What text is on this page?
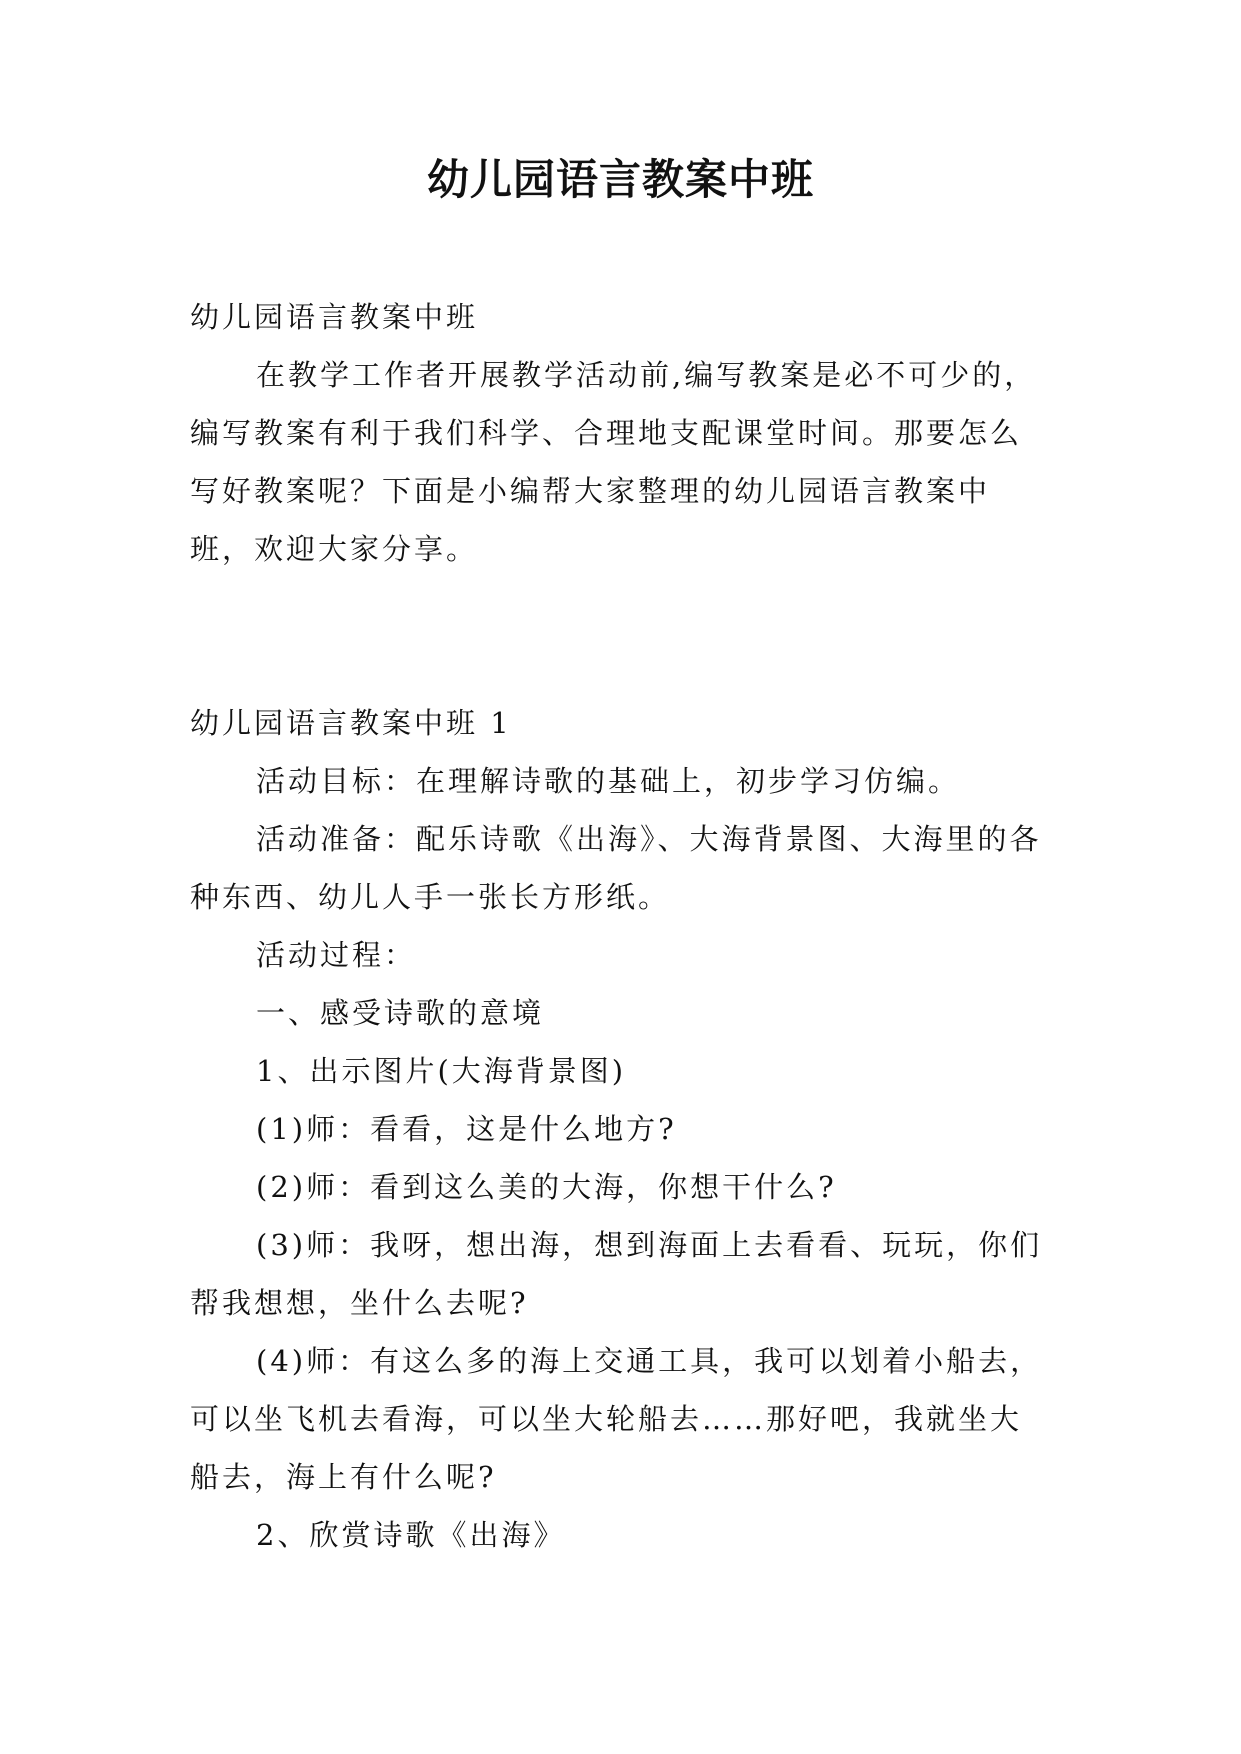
幼儿园语言教案中班

幼儿园语言教案中班

在教学工作者开展教学活动前,编写教案是必不可少的，编写教案有利于我们科学、合理地支配课堂时间。那要怎么写好教案呢？下面是小编帮大家整理的幼儿园语言教案中班，欢迎大家分享。

幼儿园语言教案中班 1

活动目标：在理解诗歌的基础上，初步学习仿编。

活动准备：配乐诗歌《出海》、大海背景图、大海里的各种东西、幼儿人手一张长方形纸。

活动过程：

一、感受诗歌的意境

1、出示图片(大海背景图)

(1)师：看看，这是什么地方?

(2)师：看到这么美的大海，你想干什么?

(3)师：我呀，想出海，想到海面上去看看、玩玩，你们帮我想想，坐什么去呢?

(4)师：有这么多的海上交通工具，我可以划着小船去，可以坐飞机去看海，可以坐大轮船去……那好吧，我就坐大船去，海上有什么呢?

2、欣赏诗歌《出海》
